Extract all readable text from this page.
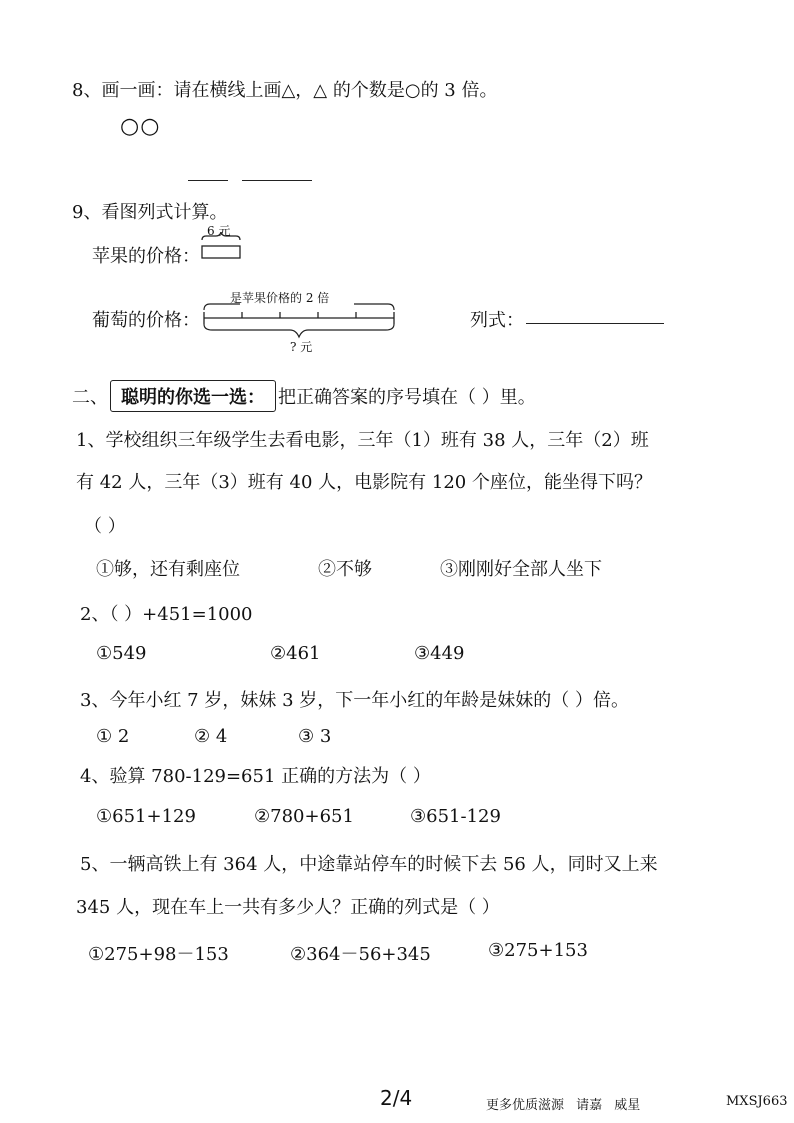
8、画一画：请在横线上画△，△ 的个数是○的 3 倍。
○○
9、看图列式计算。
6 元
苹果的价格：
是苹果价格的 2 倍
葡萄的价格：
? 元
列式：
二、 聪明的你选一选： 把正确答案的序号填在（ ）里。
1、学校组织三年级学生去看电影，三年（1）班有 38 人，三年（2）班
有 42 人，三年（3）班有 40 人，电影院有 120 个座位，能坐得下吗？
（ ）
①够，还有剩座位	②不够	③刚刚好全部人坐下
2、（ ）+451=1000
①549	②461	③449
3、今年小红 7 岁，妹妹 3 岁，下一年小红的年龄是妹妹的（ ）倍。
① 2	② 4	③ 3
4、验算 780-129=651 正确的方法为（ ）
①651+129	②780+651	③651-129
5、一辆高铁上有 364 人，中途靠站停车的时候下去 56 人，同时又上来
345 人，现在车上一共有多少人？正确的列式是（ ）
①275+98－153	②364－56+345	③275+153
2/4	更多优质滋源 请嘉 威星	MXSJ663
